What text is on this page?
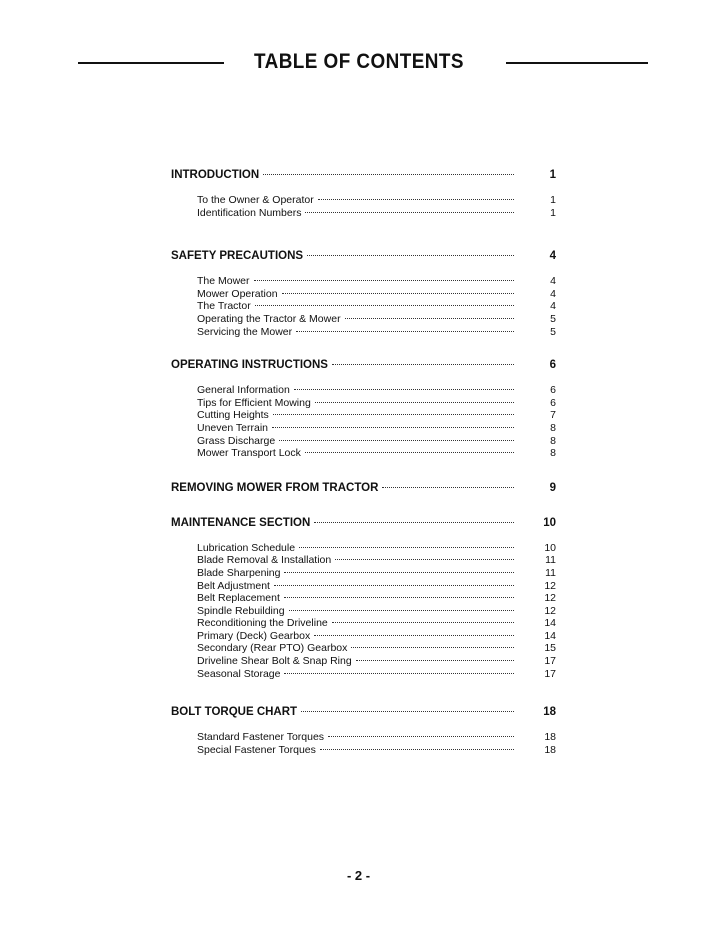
TABLE OF CONTENTS
INTRODUCTION	1
To the Owner & Operator	1
Identification Numbers	1
SAFETY PRECAUTIONS	4
The Mower	4
Mower Operation	4
The Tractor	4
Operating the Tractor & Mower	5
Servicing the Mower	5
OPERATING INSTRUCTIONS	6
General Information	6
Tips for Efficient Mowing	6
Cutting Heights	7
Uneven Terrain	8
Grass Discharge	8
Mower Transport Lock	8
REMOVING MOWER FROM TRACTOR	9
MAINTENANCE SECTION	10
Lubrication Schedule	10
Blade Removal & Installation	11
Blade Sharpening	11
Belt Adjustment	12
Belt Replacement	12
Spindle Rebuilding	12
Reconditioning the Driveline	14
Primary (Deck) Gearbox	14
Secondary (Rear PTO) Gearbox	15
Driveline Shear Bolt & Snap Ring	17
Seasonal Storage	17
BOLT TORQUE CHART	18
Standard Fastener Torques	18
Special Fastener Torques	18
- 2 -
